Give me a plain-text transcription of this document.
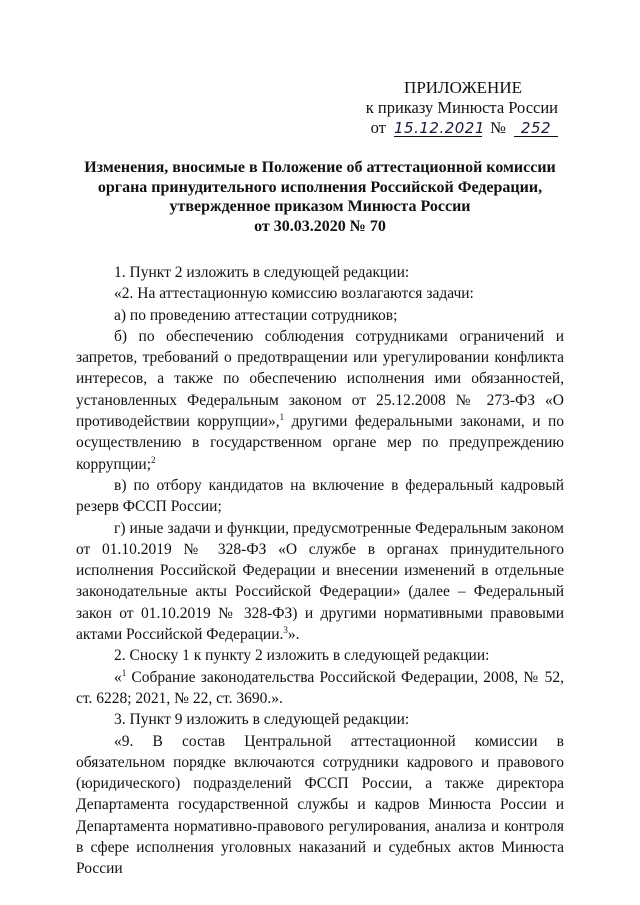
ПРИЛОЖЕНИЕ
к приказу Минюста России
от 15.12.2021 № 252
Изменения, вносимые в Положение об аттестационной комиссии
органа принудительного исполнения Российской Федерации,
утвержденное приказом Минюста России
от 30.03.2020 № 70

1. Пункт 2 изложить в следующей редакции:

«2. На аттестационную комиссию возлагаются задачи:

а) по проведению аттестации сотрудников;

б) по обеспечению соблюдения сотрудниками ограничений и запретов, требований о предотвращении или урегулировании конфликта интересов, а также по обеспечению исполнения ими обязанностей, установленных Федеральным законом от 25.12.2008 № 273-ФЗ «О противодействии коррупции»,$^1$ другими федеральными законами, и по осуществлению в государственном органе мер по предупреждению коррупции;$^2$

в) по отбору кандидатов на включение в федеральный кадровый резерв ФССП России;

г) иные задачи и функции, предусмотренные Федеральным законом от 01.10.2019 № 328-ФЗ «О службе в органах принудительного исполнения Российской Федерации и внесении изменений в отдельные законодательные акты Российской Федерации» (далее – Федеральный закон от 01.10.2019 № 328-ФЗ) и другими нормативными правовыми актами Российской Федерации.$^3$».

2. Сноску 1 к пункту 2 изложить в следующей редакции:

«$^1$ Собрание законодательства Российской Федерации, 2008, № 52, ст. 6228; 2021, № 22, ст. 3690.».

3. Пункт 9 изложить в следующей редакции:

«9. В состав Центральной аттестационной комиссии в обязательном порядке включаются сотрудники кадрового и правового (юридического) подразделений ФССП России, а также директора Департамента государственной службы и кадров Минюста России и Департамента нормативно-правового регулирования, анализа и контроля в сфере исполнения уголовных наказаний и судебных актов Минюста России
